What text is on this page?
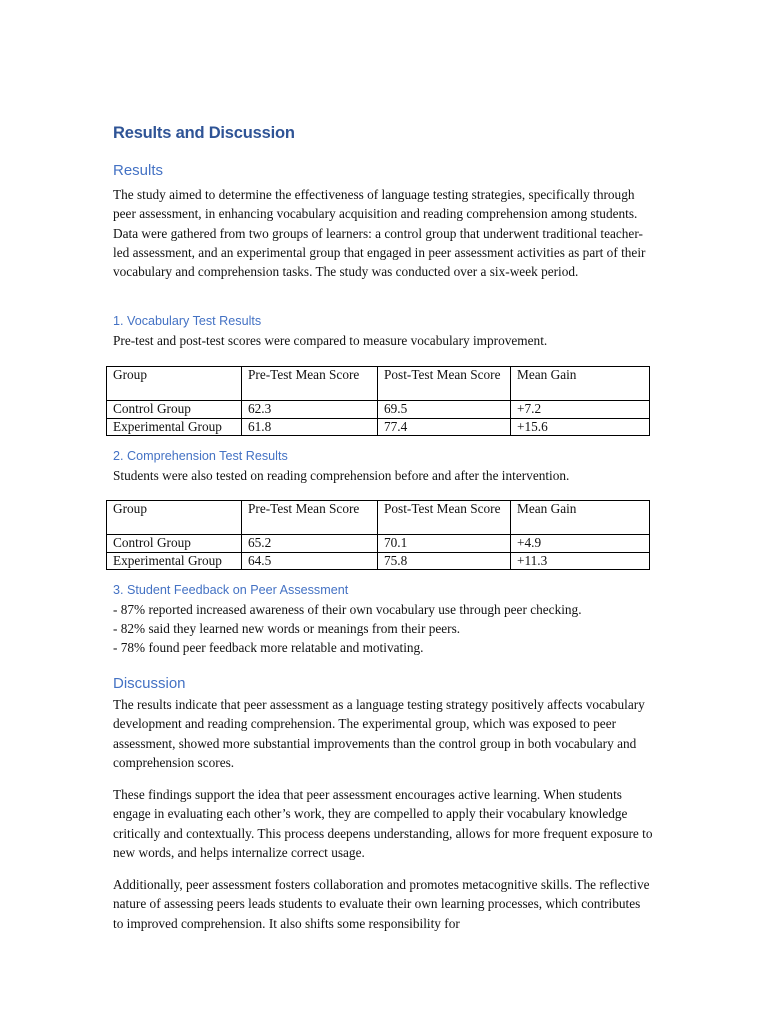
Results and Discussion
Results

The study aimed to determine the effectiveness of language testing strategies, specifically through peer assessment, in enhancing vocabulary acquisition and reading comprehension among students. Data were gathered from two groups of learners: a control group that underwent traditional teacher-led assessment, and an experimental group that engaged in peer assessment activities as part of their vocabulary and comprehension tasks. The study was conducted over a six-week period.

1. Vocabulary Test Results
Pre-test and post-test scores were compared to measure vocabulary improvement.
Group	Pre-Test Mean Score	Post-Test Mean Score	Mean Gain
Control Group	62.3	69.5	+7.2
Experimental Group	61.8	77.4	+15.6
2. Comprehension Test Results
Students were also tested on reading comprehension before and after the intervention.
Group	Pre-Test Mean Score	Post-Test Mean Score	Mean Gain
Control Group	65.2	70.1	+4.9
Experimental Group	64.5	75.8	+11.3
3. Student Feedback on Peer Assessment
- 87% reported increased awareness of their own vocabulary use through peer checking.
- 82% said they learned new words or meanings from their peers.
- 78% found peer feedback more relatable and motivating.
Discussion

The results indicate that peer assessment as a language testing strategy positively affects vocabulary development and reading comprehension. The experimental group, which was exposed to peer assessment, showed more substantial improvements than the control group in both vocabulary and comprehension scores.

These findings support the idea that peer assessment encourages active learning. When students engage in evaluating each other’s work, they are compelled to apply their vocabulary knowledge critically and contextually. This process deepens understanding, allows for more frequent exposure to new words, and helps internalize correct usage.

Additionally, peer assessment fosters collaboration and promotes metacognitive skills. The reflective nature of assessing peers leads students to evaluate their own learning processes, which contributes to improved comprehension. It also shifts some responsibility for
